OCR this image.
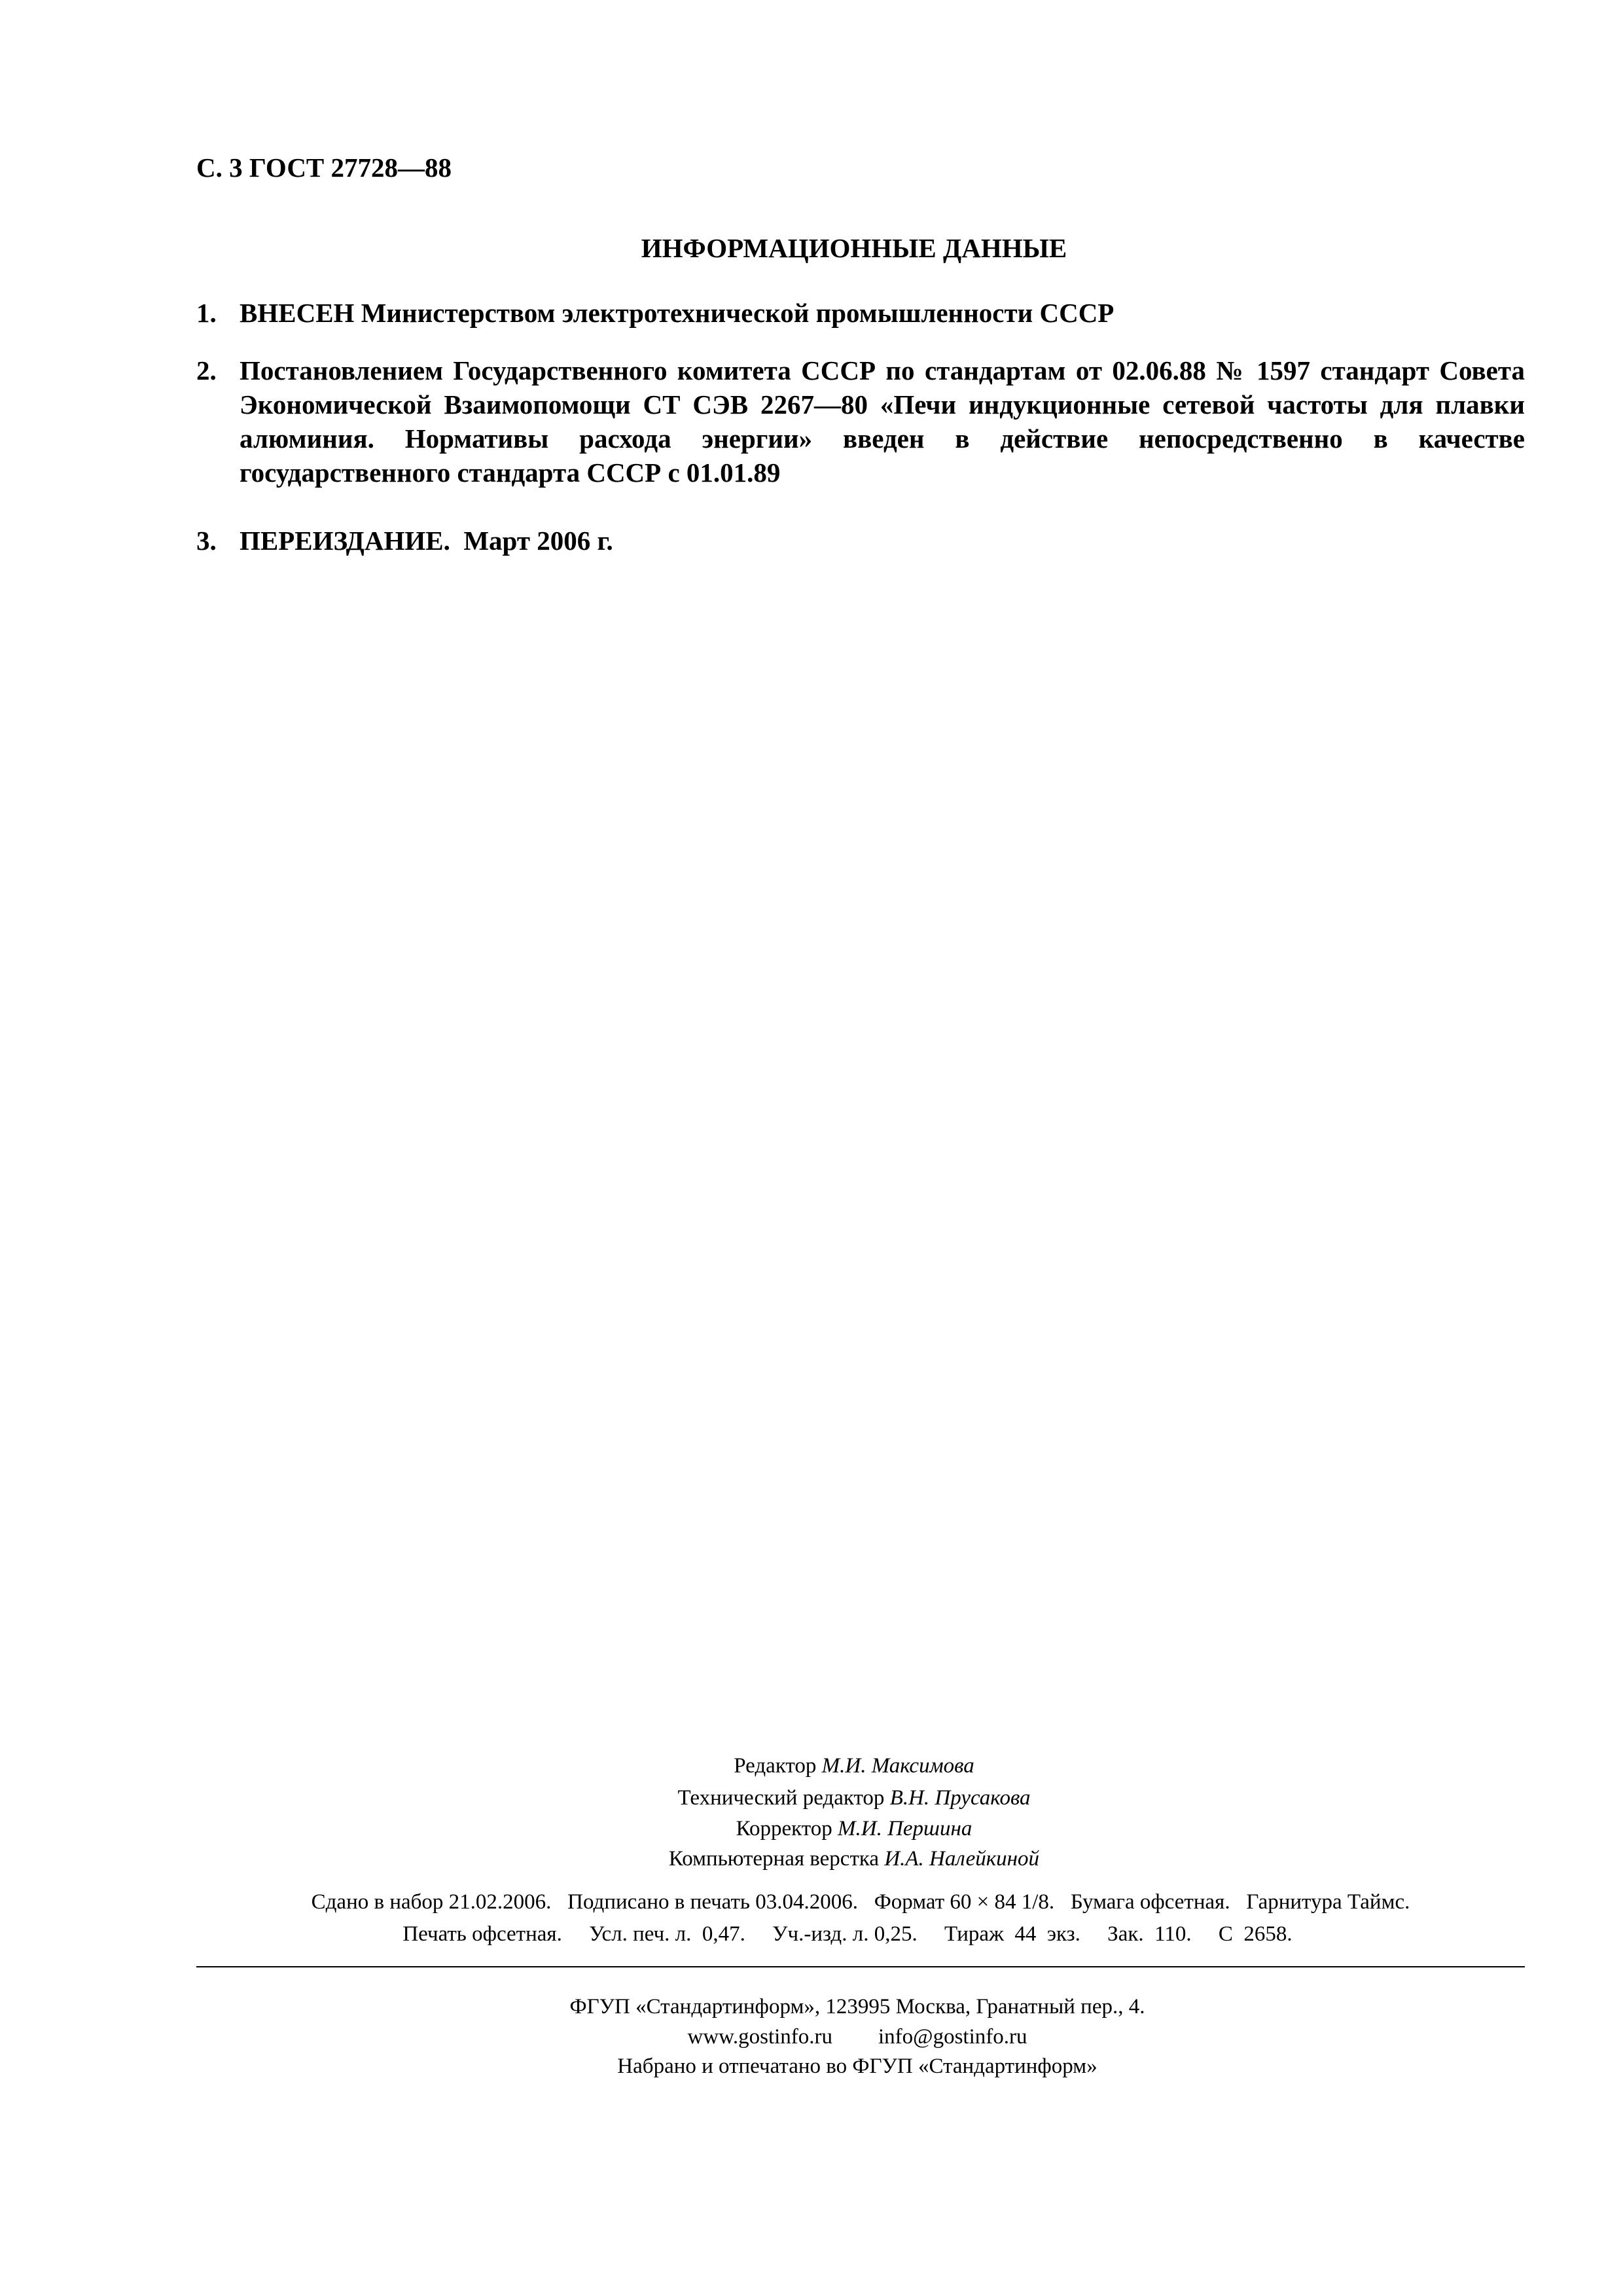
С. 3 ГОСТ 27728—88
ИНФОРМАЦИОННЫЕ ДАННЫЕ
1. ВНЕСЕН Министерством электротехнической промышленности СССР
2. Постановлением Государственного комитета СССР по стандартам от 02.06.88 № 1597 стандарт Совета Экономической Взаимопомощи СТ СЭВ 2267—80 «Печи индукционные сетевой частоты для плавки алюминия. Нормативы расхода энергии» введен в действие непосредственно в качестве государственного стандарта СССР с 01.01.89
3. ПЕРЕИЗДАНИЕ.  Март 2006 г.
Редактор М.И. Максимова
Технический редактор В.Н. Прусакова
Корректор М.И. Першина
Компьютерная верстка И.А. Налейкиной
Сдано в набор 21.02.2006.   Подписано в печать 03.04.2006.   Формат 60 × 84 1/8.   Бумага офсетная.   Гарнитура Таймс.
Печать офсетная.     Усл. печ. л.  0,47.     Уч.-изд. л. 0,25.     Тираж  44  экз.     Зак.  110.     С  2658.
ФГУП «Стандартинформ», 123995 Москва, Гранатный пер., 4.
www.gostinfo.ru info@gostinfo.ru
Набрано и отпечатано во ФГУП «Стандартинформ»
